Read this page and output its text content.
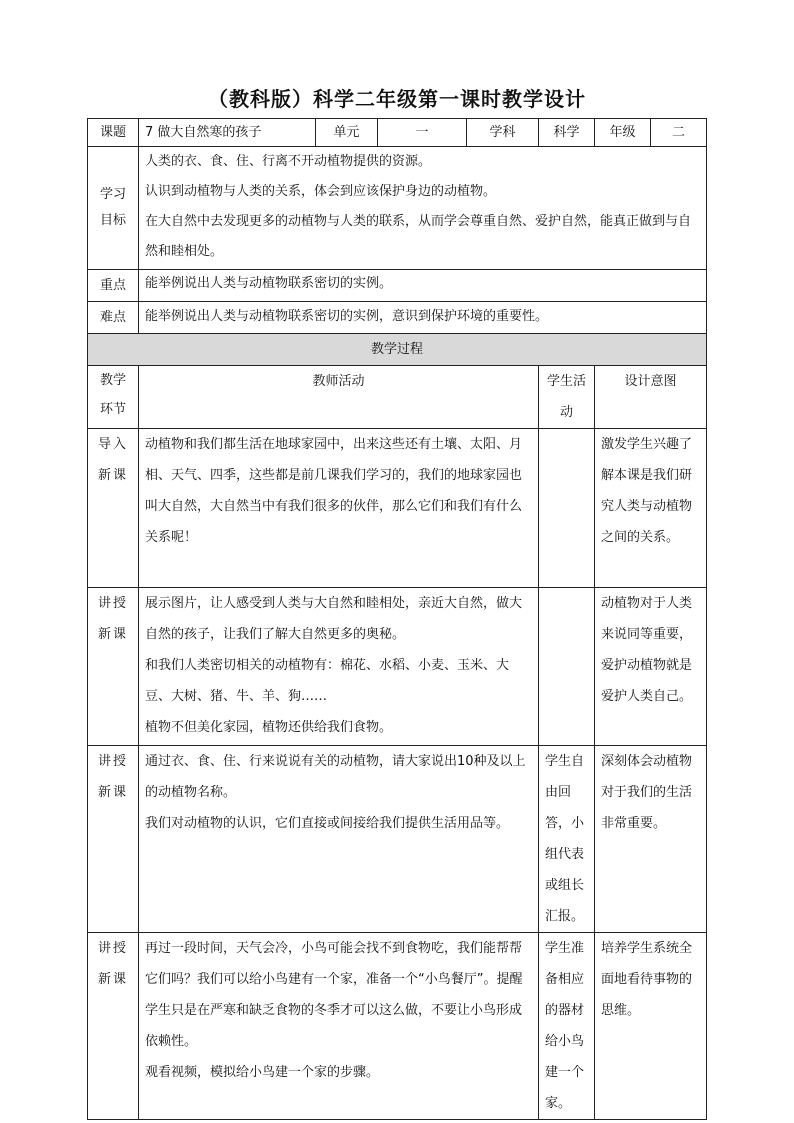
（教科版）科学二年级第一课时教学设计
课题	7 做大自然寒的孩子	单元	一	学科	科学	年级	二
学习目标	人类的衣、食、住、行离不开动植物提供的资源。

认识到动植物与人类的关系，体会到应该保护身边的动植物。

在大自然中去发现更多的动植物与人类的联系，从而学会尊重自然、爱护自然，能真正做到与自然和睦相处。						

重点	能举例说出人类与动植物联系密切的实例。						
难点	能举例说出人类与动植物联系密切的实例，意识到保护环境的重要性。						
教学过程							
教学环节	教师活动				学生活动	设计意图	
导入新课	动植物和我们都生活在地球家园中，出来这些还有土壤、太阳、月相、天气、四季，这些都是前几课我们学习的，我们的地球家园也叫大自然，大自然当中有我们很多的伙伴，那么它们和我们有什么关系呢！					激发学生兴趣了解本课是我们研究人类与动植物之间的关系。	
讲授新课	展示图片，让人感受到人类与大自然和睦相处，亲近大自然，做大自然的孩子，让我们了解大自然更多的奥秘。

和我们人类密切相关的动植物有：棉花、水稻、小麦、玉米、大豆、大树、猪、牛、羊、狗……

植物不但美化家园，植物还供给我们食物。					动植物对于人类来说同等重要，爱护动植物就是爱护人类自己。	
讲授新课	通过衣、食、住、行来说说有关的动植物，请大家说出10种及以上的动植物名称。

我们对动植物的认识，它们直接或间接给我们提供生活用品等。				学生自由回答，小组代表或组长汇报。	深刻体会动植物对于我们的生活非常重要。	
讲授新课	再过一段时间，天气会冷，小鸟可能会找不到食物吃，我们能帮帮它们吗？我们可以给小鸟建有一个家，准备一个“小鸟餐厅”。提醒学生只是在严寒和缺乏食物的冬季才可以这么做，不要让小鸟形成依赖性。

观看视频，模拟给小鸟建一个家的步骤。				学生准备相应的器材给小鸟建一个家。	培养学生系统全面地看待事物的思维。	
